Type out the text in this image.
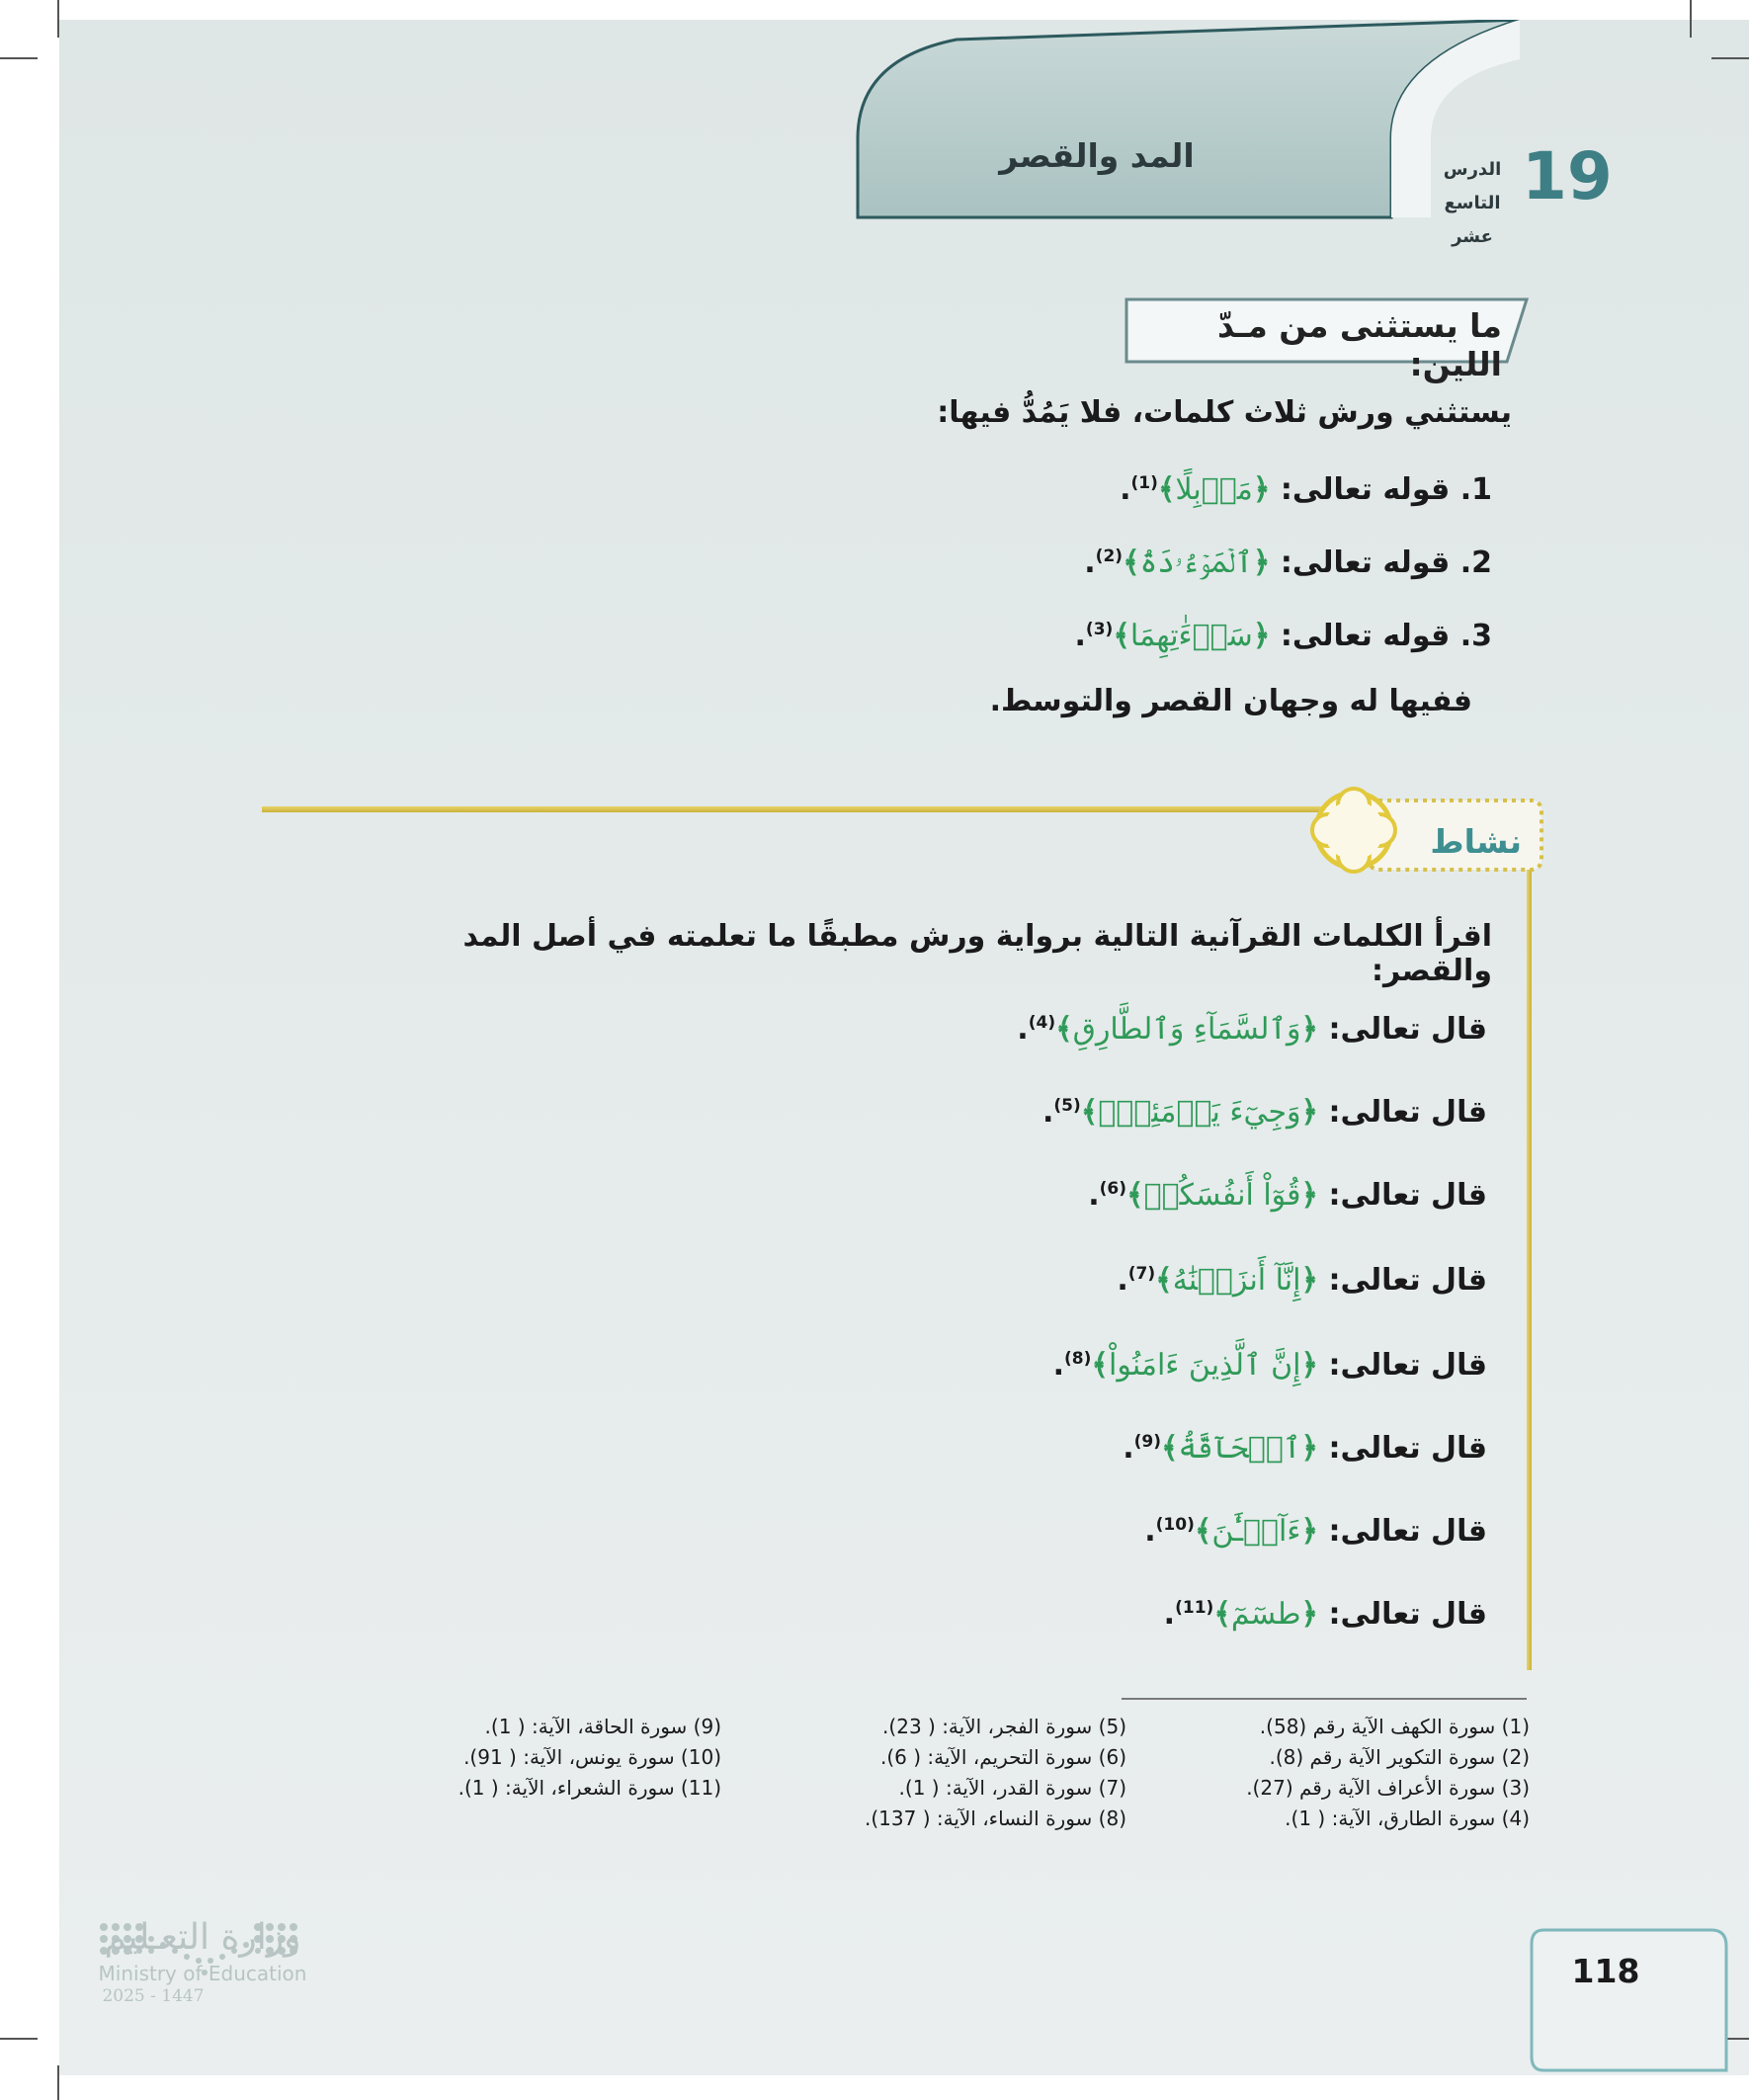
المد والقصر	19
الدرس التاسع
عشر
ما يستثنى من مـدّ اللين:
يستثني ورش ثلاث كلمات، فلا يَمُدُّ فيها:
1. قوله تعالى: ﴿مَوۡبِلًا﴾$^{(1)}$.
2. قوله تعالى: ﴿ٱلۡمَوۡءُۥدَةُ﴾$^{(2)}$.
3. قوله تعالى: ﴿سَوۡءَٰتِهِمَا﴾$^{(3)}$.
ففيها له وجهان القصر والتوسط.
نشاط
اقرأ الكلمات القرآنية التالية برواية ورش مطبقًا ما تعلمته في أصل المد والقصر:
قال تعالى: ﴿وَٱلسَّمَآءِ وَٱلطَّارِقِ﴾$^{(4)}$.
قال تعالى: ﴿وَجِيٓءَ يَوۡمَئِذِۭ﴾$^{(5)}$.
قال تعالى: ﴿قُوٓاْ أَنفُسَكُمۡ﴾$^{(6)}$.
قال تعالى: ﴿إِنَّآ أَنزَلۡنَٰهُ﴾$^{(7)}$.
قال تعالى: ﴿إِنَّ ٱلَّذِينَ ءَامَنُواْ﴾$^{(8)}$.
قال تعالى: ﴿ٱلۡحَآقَّةُ﴾$^{(9)}$.
قال تعالى: ﴿ءَآلۡـَٰٔنَ﴾$^{(10)}$.
قال تعالى: ﴿طسٓمٓ﴾$^{(11)}$.
(1) سورة الكهف الآية رقم (58).
(2) سورة التكوير الآية رقم (8).
(3) سورة الأعراف الآية رقم (27).
(4) سورة الطارق، الآية: ( 1).
(5) سورة الفجر، الآية: ( 23).
(6) سورة التحريم، الآية: ( 6).
(7) سورة القدر، الآية: ( 1).
(8) سورة النساء، الآية: ( 137).
(9) سورة الحاقة، الآية: ( 1).
(10) سورة يونس، الآية: ( 91).
(11) سورة الشعراء، الآية: ( 1).
وزارة التعـليم
Ministry of Education
2025 - 1447
118
